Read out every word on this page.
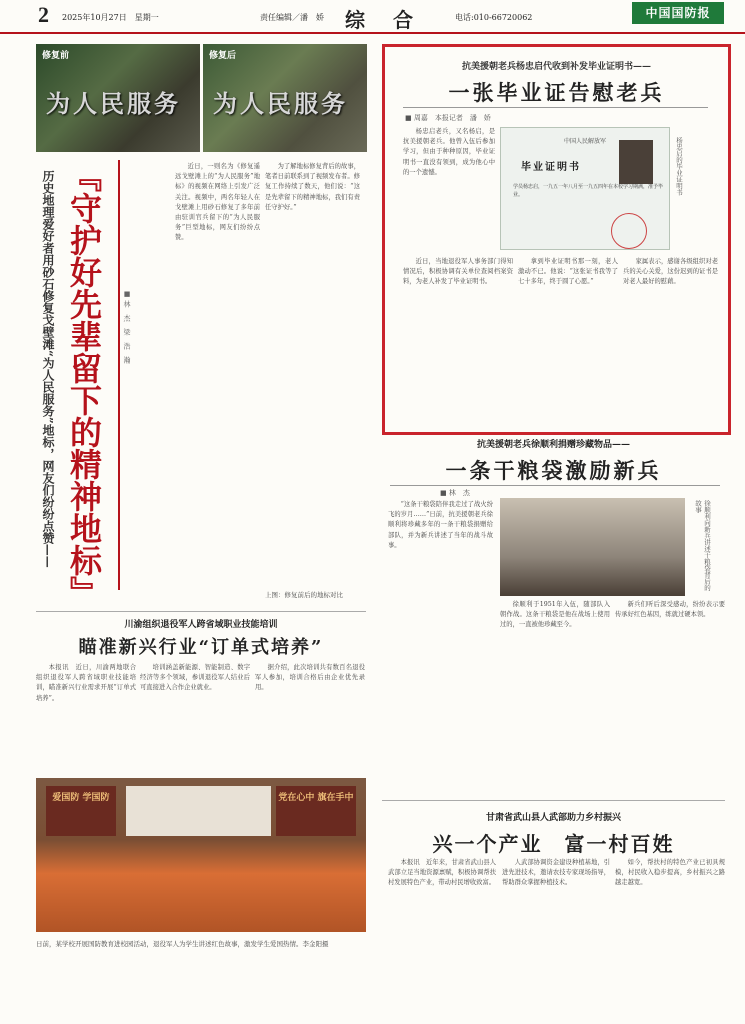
2 2025年10月27日　星期一	责任编辑／潘　娇 综　合	电话:010-66720062	中国国防报
修复前
为人民服务
修复后
为人民服务
历史地理爱好者用砂石修复戈壁滩“为人民服务”地标，网友们纷纷点赞—— 『守护好先辈留下的精神地标』	■ 林　杰　梁　浩　瀚

近日，一则名为《修复遥远戈壁滩上的“为人民服务”地标》的视频在网络上引发广泛关注。视频中，两名年轻人在戈壁滩上用砂石修复了多年前由驻训官兵留下的“为人民服务”巨型地标，网友们纷纷点赞。

为了解地标修复背后的故事，笔者日前联系到了视频发布者。修复工作持续了数天，他们说：“这是先辈留下的精神地标，我们有责任守护好。”

上图：修复前后的地标对比
抗美援朝老兵杨忠启代收到补发毕业证明书——
一张毕业证告慰老兵
■ 周嘉　本报记者　潘　娇

杨忠启老兵，又名杨启，是抗美援朝老兵。他曾入伍后参加学习，但由于种种原因，毕业证明书一直没有领到，成为他心中的一个遗憾。

中国人民解放军
毕业证明书
学员杨忠启，一九五一年八月至一九五四年在本校学习期满，准予毕业。	杨忠启的毕业证明书

近日，当地退役军人事务部门得知情况后，积极协调有关单位查阅档案资料，为老人补发了毕业证明书。

拿到毕业证明书那一刻，老人激动不已。他说：“这张证书我等了七十多年，终于圆了心愿。”

家属表示，感谢各级组织对老兵的关心关爱，这份迟到的证书是对老人最好的慰藉。

抗美援朝老兵徐顺利捐赠珍藏物品——
一条干粮袋激励新兵
■ 林　杰

“这条干粮袋陪伴我走过了战火纷飞的岁月……”日前，抗美援朝老兵徐顺利将珍藏多年的一条干粮袋捐赠给部队，并为新兵讲述了当年的战斗故事。	徐顺利向新兵讲述干粮袋背后的故事

徐顺利于1951年入伍，随部队入朝作战。这条干粮袋是他在战场上使用过的，一直被他珍藏至今。

新兵们听后深受感动，纷纷表示要传承好红色基因，练就过硬本领。

川渝组织退役军人跨省域职业技能培训
瞄准新兴行业“订单式培养”

本报讯　近日，川渝两地联合组织退役军人跨省域职业技能培训，瞄准新兴行业需求开展“订单式培养”。

培训涵盖新能源、智能制造、数字经济等多个领域，参训退役军人结业后可直接进入合作企业就业。

据介绍，此次培训共有数百名退役军人参加，培训合格后由企业优先录用。

爱国防 学国防	党在心中 旗在手中
日前，某学校开展国防教育进校园活动，退役军人为学生讲述红色故事，激发学生爱国热情。李金阳摄
甘肃省武山县人武部助力乡村振兴
兴一个产业　富一村百姓

本报讯　近年来，甘肃省武山县人武部立足当地资源禀赋，积极协调帮扶村发展特色产业，带动村民增收致富。

人武部协调资金建设种植基地，引进先进技术，邀请农技专家现场指导，帮助群众掌握种植技术。

如今，帮扶村的特色产业已初具规模，村民收入稳步提高，乡村振兴之路越走越宽。
